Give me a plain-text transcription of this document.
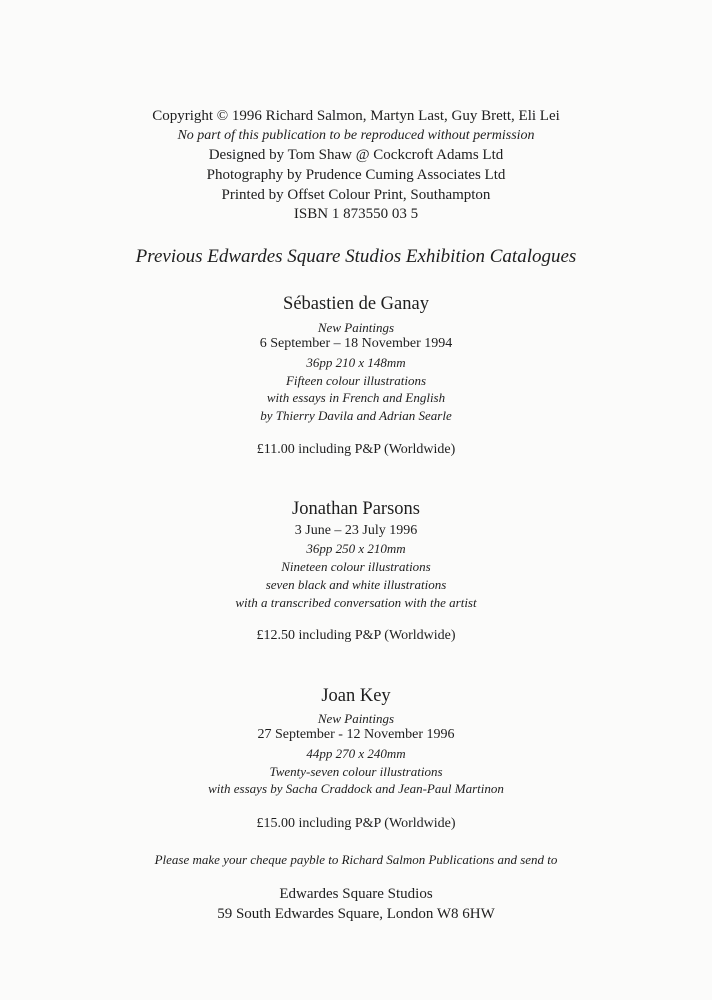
Copyright © 1996 Richard Salmon, Martyn Last, Guy Brett, Eli Lei
No part of this publication to be reproduced without permission
Designed by Tom Shaw @ Cockcroft Adams Ltd
Photography by Prudence Cuming Associates Ltd
Printed by Offset Colour Print, Southampton
ISBN 1 873550 03 5
Previous Edwardes Square Studios Exhibition Catalogues
Sébastien de Ganay
New Paintings
6 September – 18 November 1994
36pp 210 x 148mm
Fifteen colour illustrations
with essays in French and English
by Thierry Davila and Adrian Searle
£11.00 including P&P (Worldwide)
Jonathan Parsons
3 June – 23 July 1996
36pp 250 x 210mm
Nineteen colour illustrations
seven black and white illustrations
with a transcribed conversation with the artist
£12.50 including P&P (Worldwide)
Joan Key
New Paintings
27 September - 12 November 1996
44pp 270 x 240mm
Twenty-seven colour illustrations
with essays by Sacha Craddock and Jean-Paul Martinon
£15.00 including P&P (Worldwide)
Please make your cheque payble to Richard Salmon Publications and send to
Edwardes Square Studios
59 South Edwardes Square, London W8 6HW
